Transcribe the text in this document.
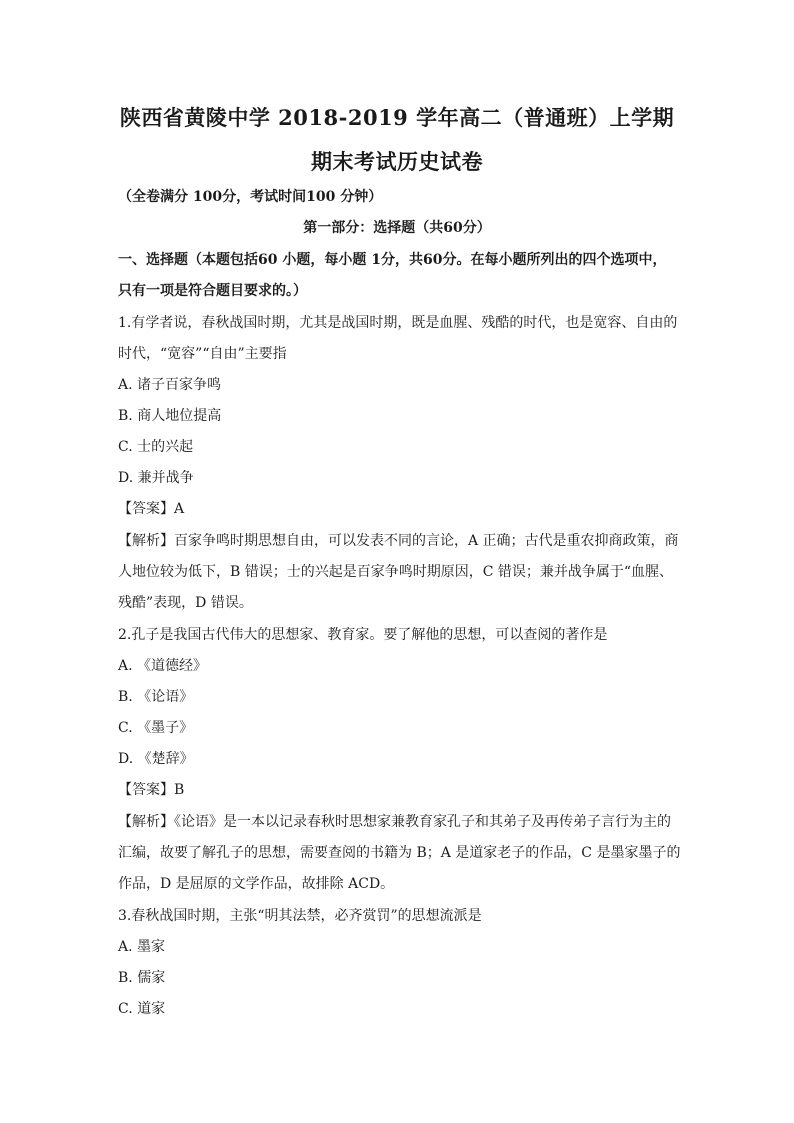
陕西省黄陵中学 2018-2019 学年高二（普通班）上学期
期末考试历史试卷
（全卷满分 100分，考试时间100 分钟）
第一部分：选择题（共60分）
一、选择题（本题包括60 小题，每小题 1分，共60分。在每小题所列出的四个选项中，
只有一项是符合题目要求的。）
1.有学者说，春秋战国时期，尤其是战国时期，既是血腥、残酷的时代，也是宽容、自由的
时代，“宽容”“自由”主要指
A. 诸子百家争鸣
B. 商人地位提高
C. 士的兴起
D. 兼并战争
【答案】A
【解析】百家争鸣时期思想自由，可以发表不同的言论，A 正确；古代是重农抑商政策，商
人地位较为低下，B 错误；士的兴起是百家争鸣时期原因，C 错误；兼并战争属于“血腥、
残酷”表现，D 错误。
2.孔子是我国古代伟大的思想家、教育家。要了解他的思想，可以查阅的著作是
A. 《道德经》
B. 《论语》
C. 《墨子》
D. 《楚辞》
【答案】B
【解析】《论语》是一本以记录春秋时思想家兼教育家孔子和其弟子及再传弟子言行为主的
汇编，故要了解孔子的思想，需要查阅的书籍为 B；A 是道家老子的作品，C 是墨家墨子的
作品，D 是屈原的文学作品，故排除 ACD。
3.春秋战国时期，主张“明其法禁，必齐赏罚”的思想流派是
A. 墨家
B. 儒家
C. 道家
